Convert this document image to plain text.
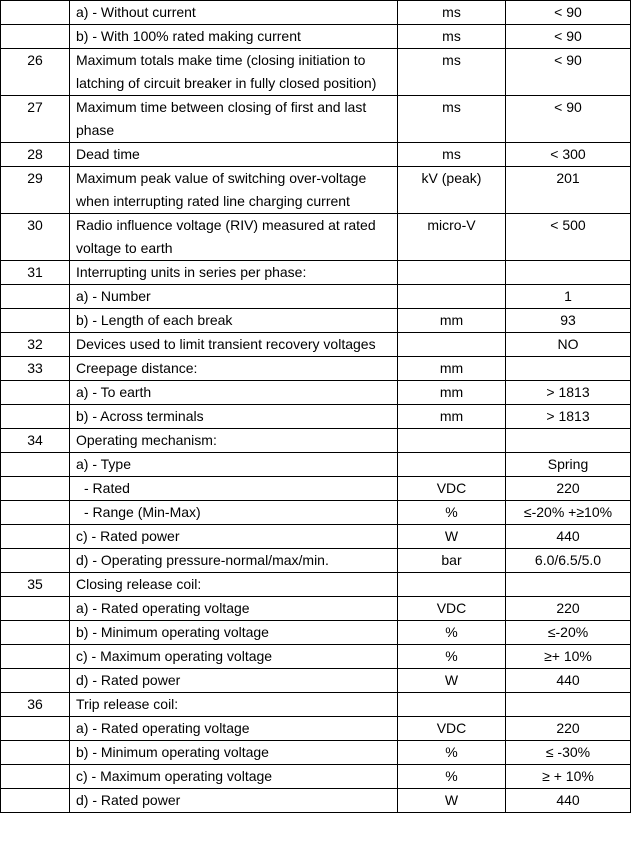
	a) - Without current	ms	< 90
	b) - With 100% rated making current	ms	< 90
26	Maximum totals make time (closing initiation to latching of circuit breaker in fully closed position)	ms	< 90
27	Maximum time between closing of first and last phase	ms	< 90
28	Dead time	ms	< 300
29	Maximum peak value of switching over-voltage when interrupting rated line charging current	kV (peak)	201
30	Radio influence voltage (RIV) measured at rated voltage to earth	micro-V	< 500
31	Interrupting units in series per phase:		
	a) - Number		1
	b) - Length of each break	mm	93
32	Devices used to limit transient recovery voltages		NO
33	Creepage distance:	mm	
	a) - To earth	mm	> 1813
	b) - Across terminals	mm	> 1813
34	Operating mechanism:		
	a) - Type		Spring
	- Rated	VDC	220
	- Range (Min-Max)	%	≤-20% +≥10%
	c) - Rated power	W	440
	d) - Operating pressure-normal/max/min.	bar	6.0/6.5/5.0
35	Closing release coil:		
	a) - Rated operating voltage	VDC	220
	b) - Minimum operating voltage	%	≤-20%
	c) - Maximum operating voltage	%	≥+ 10%
	d) - Rated power	W	440
36	Trip release coil:		
	a) - Rated operating voltage	VDC	220
	b) - Minimum operating voltage	%	≤ -30%
	c) - Maximum operating voltage	%	≥ + 10%
	d) - Rated power	W	440
